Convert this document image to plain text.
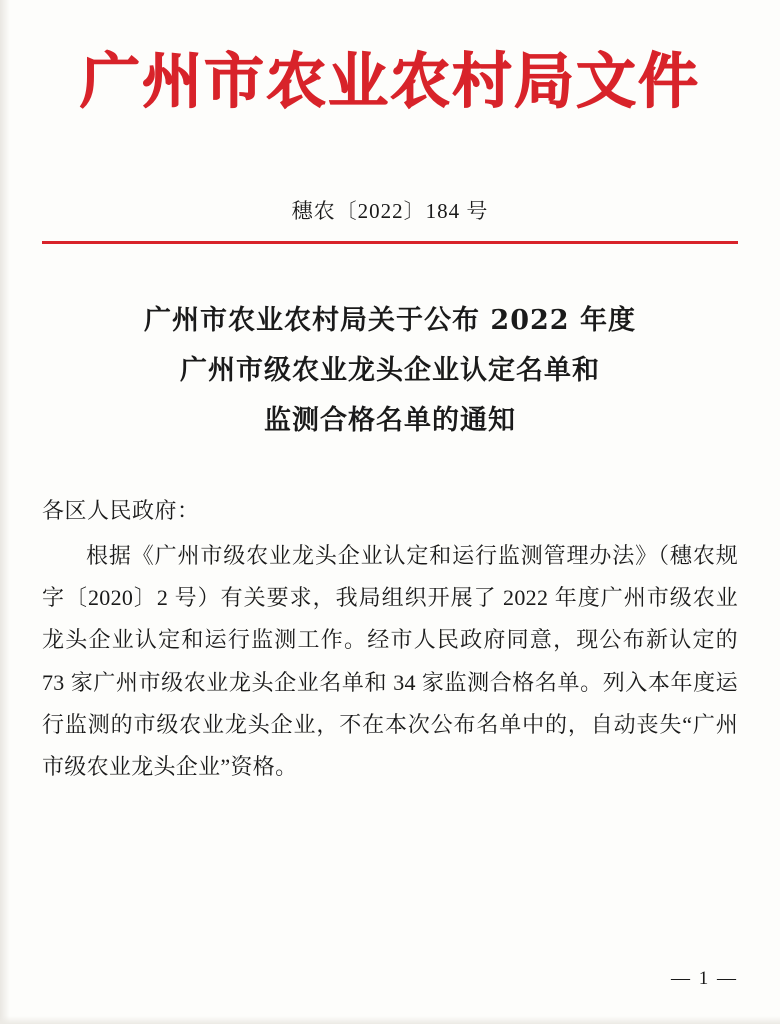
广州市农业农村局文件
穗农〔2022〕184 号
广州市农业农村局关于公布 2022 年度
广州市级农业龙头企业认定名单和
监测合格名单的通知
各区人民政府：
根据《广州市级农业龙头企业认定和运行监测管理办法》（穗农规字〔2020〕2 号）有关要求，我局组织开展了 2022 年度广州市级农业龙头企业认定和运行监测工作。经市人民政府同意，现公布新认定的 73 家广州市级农业龙头企业名单和 34 家监测合格名单。列入本年度运行监测的市级农业龙头企业，不在本次公布名单中的，自动丧失“广州市级农业龙头企业”资格。
— 1 —
